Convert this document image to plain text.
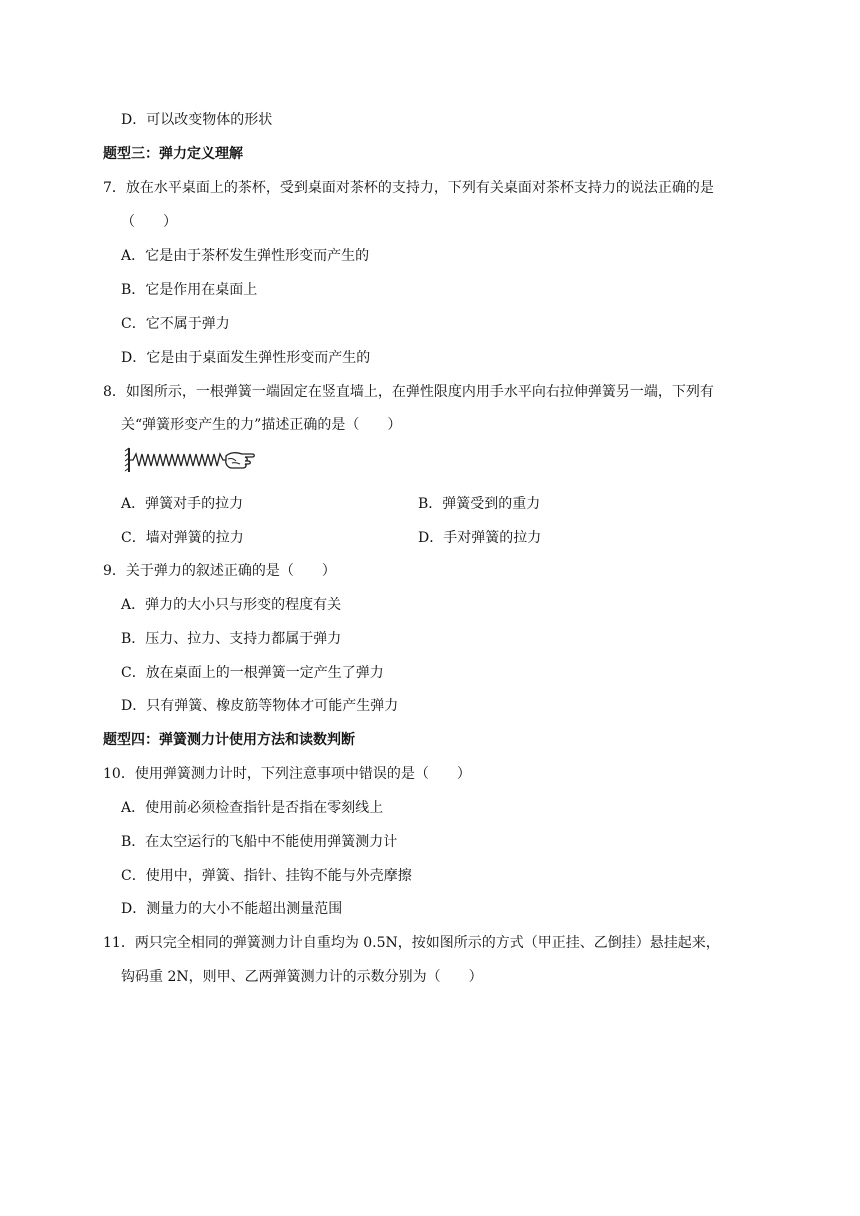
D．可以改变物体的形状
题型三：弹力定义理解
7．放在水平桌面上的茶杯，受到桌面对茶杯的支持力，下列有关桌面对茶杯支持力的说法正确的是
（　　）
A．它是由于茶杯发生弹性形变而产生的
B．它是作用在桌面上
C．它不属于弹力
D．它是由于桌面发生弹性形变而产生的
8．如图所示，一根弹簧一端固定在竖直墙上，在弹性限度内用手水平向右拉伸弹簧另一端，下列有
关“弹簧形变产生的力”描述正确的是（　　）
A．弹簧对手的拉力	B．弹簧受到的重力
C．墙对弹簧的拉力	D．手对弹簧的拉力
9．关于弹力的叙述正确的是（　　）
A．弹力的大小只与形变的程度有关
B．压力、拉力、支持力都属于弹力
C．放在桌面上的一根弹簧一定产生了弹力
D．只有弹簧、橡皮筋等物体才可能产生弹力
题型四：弹簧测力计使用方法和读数判断
10．使用弹簧测力计时，下列注意事项中错误的是（　　）
A．使用前必须检查指针是否指在零刻线上
B．在太空运行的飞船中不能使用弹簧测力计
C．使用中，弹簧、指针、挂钩不能与外壳摩擦
D．测量力的大小不能超出测量范围
11．两只完全相同的弹簧测力计自重均为 0.5N，按如图所示的方式（甲正挂、乙倒挂）悬挂起来，
钩码重 2N，则甲、乙两弹簧测力计的示数分别为（　　）
